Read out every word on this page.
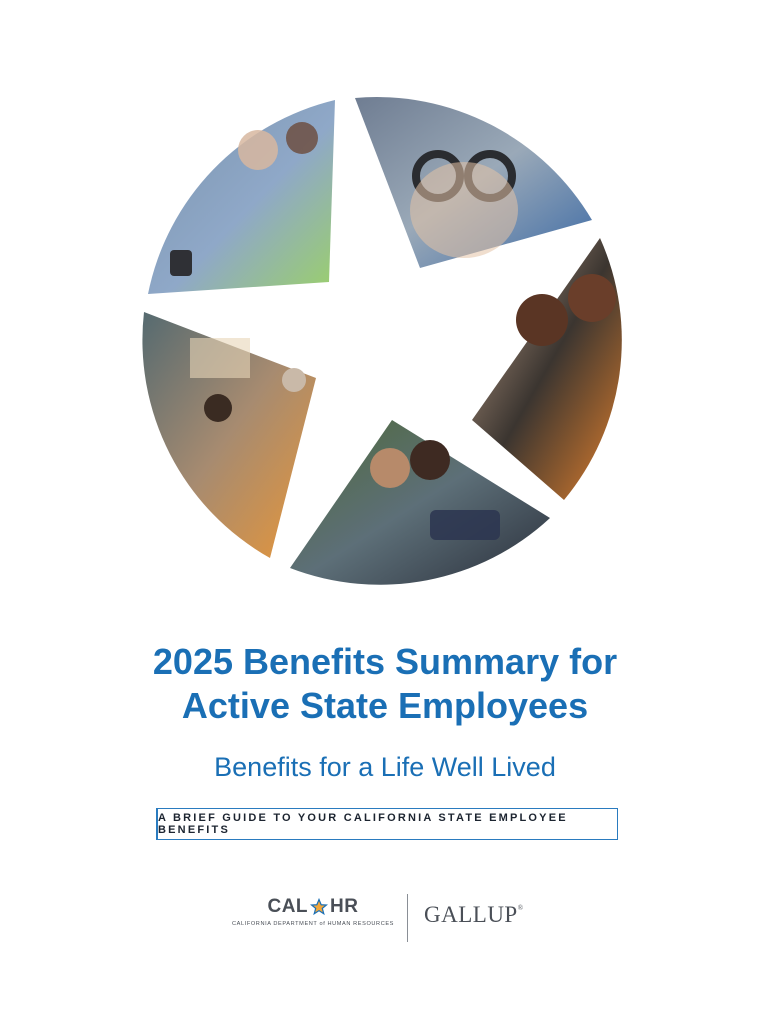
2025 Benefits Summary for
Active State Employees

Benefits for a Life Well Lived

A BRIEF GUIDE TO YOUR CALIFORNIA STATE EMPLOYEE BENEFITS
CAL HR
CALIFORNIA DEPARTMENT of HUMAN RESOURCES GALLUP®
